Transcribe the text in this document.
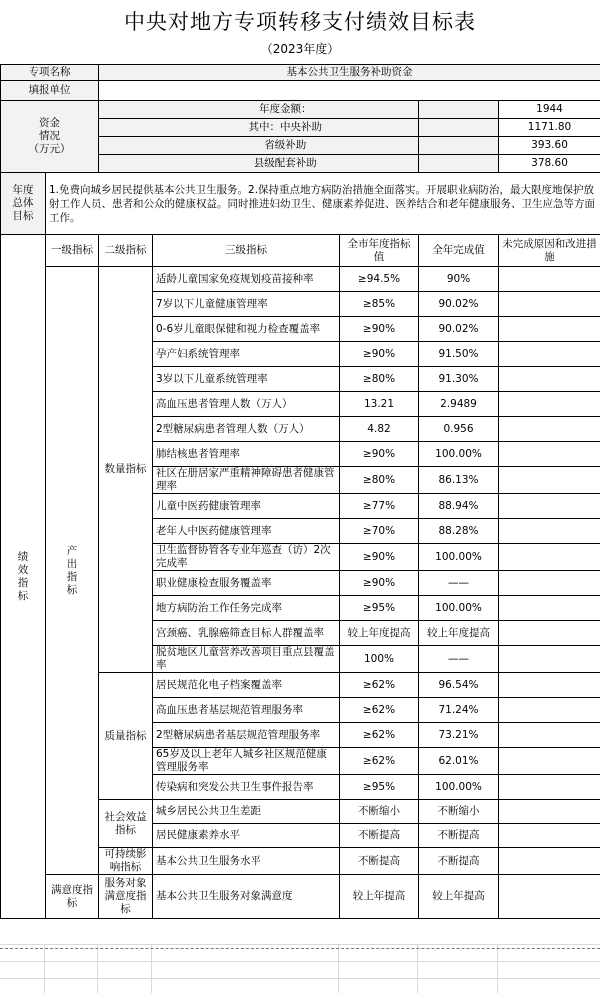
中央对地方专项转移支付绩效目标表
（2023年度）
专项名称		基本公共卫生服务补助资金				
填报单位						
资金
情况
（万元）			年度金额：			1944
			其中：中央补助			1171.80
			省级补助			393.60
			县级配套补助			378.60
年度
总体
目标	1.免费向城乡居民提供基本公共卫生服务。2.保持重点地方病防治措施全面落实。开展职业病防治，最大限度地保护放射工作人员、患者和公众的健康权益。同时推进妇幼卫生、健康素养促进、医养结合和老年健康服务、卫生应急等方面工作。					

绩效指标	一级指标	二级指标	三级指标	全市年度指标值	全年完成值	未完成原因和改进措施

	产出指标	数量指标	适龄儿童国家免疫规划疫苗接种率	≥94.5%	90%	
			7岁以下儿童健康管理率	≥85%	90.02%	
			0-6岁儿童眼保健和视力检查覆盖率	≥90%	90.02%	
			孕产妇系统管理率	≥90%	91.50%	
			3岁以下儿童系统管理率	≥80%	91.30%	
			高血压患者管理人数（万人）	13.21	2.9489	
			2型糖尿病患者管理人数（万人）	4.82	0.956	
			肺结核患者管理率	≥90%	100.00%	
			社区在册居家严重精神障碍患者健康管理率	≥80%	86.13%	
			儿童中医药健康管理率	≥77%	88.94%	
			老年人中医药健康管理率	≥70%	88.28%	
			卫生监督协管各专业年巡查（访）2次完成率	≥90%	100.00%	
			职业健康检查服务覆盖率	≥90%	——	
			地方病防治工作任务完成率	≥95%	100.00%	
			宫颈癌、乳腺癌筛查目标人群覆盖率	较上年度提高	较上年度提高	
			脱贫地区儿童营养改善项目重点县覆盖率	100%	——	
		质量指标	居民规范化电子档案覆盖率	≥62%	96.54%	
			高血压患者基层规范管理服务率	≥62%	71.24%	
			2型糖尿病患者基层规范管理服务率	≥62%	73.21%	
			65岁及以上老年人城乡社区规范健康管理服务率	≥62%	62.01%	
			传染病和突发公共卫生事件报告率	≥95%	100.00%	
		社会效益指标	城乡居民公共卫生差距	不断缩小	不断缩小	
			居民健康素养水平	不断提高	不断提高	
		可持续影响指标	基本公共卫生服务水平	不断提高	不断提高	

	满意度指标	服务对象满意度指标	基本公共卫生服务对象满意度	较上年提高	较上年提高	
